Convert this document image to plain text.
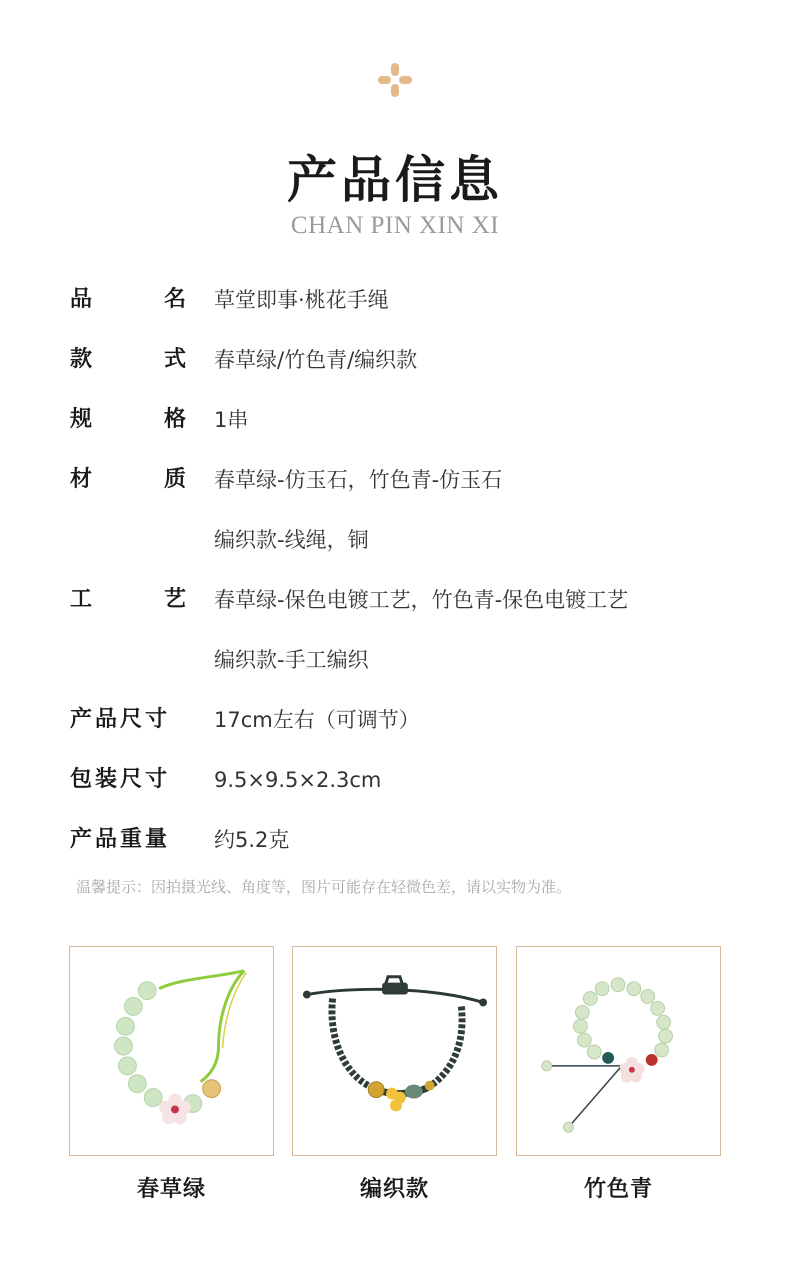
产品信息
CHAN PIN XIN XI
品	名 草堂即事·桃花手绳
款	式 春草绿/竹色青/编织款
规	格 1串
材	质 春草绿-仿玉石，竹色青-仿玉石
编织款-线绳，铜
工	艺 春草绿-保色电镀工艺，竹色青-保色电镀工艺
编织款-手工编织
产品尺寸	17cm左右（可调节）
包装尺寸	9.5×9.5×2.3cm
产品重量	约5.2克
温馨提示：因拍摄光线、角度等，图片可能存在轻微色差，请以实物为准。
春草绿	编织款	竹色青
